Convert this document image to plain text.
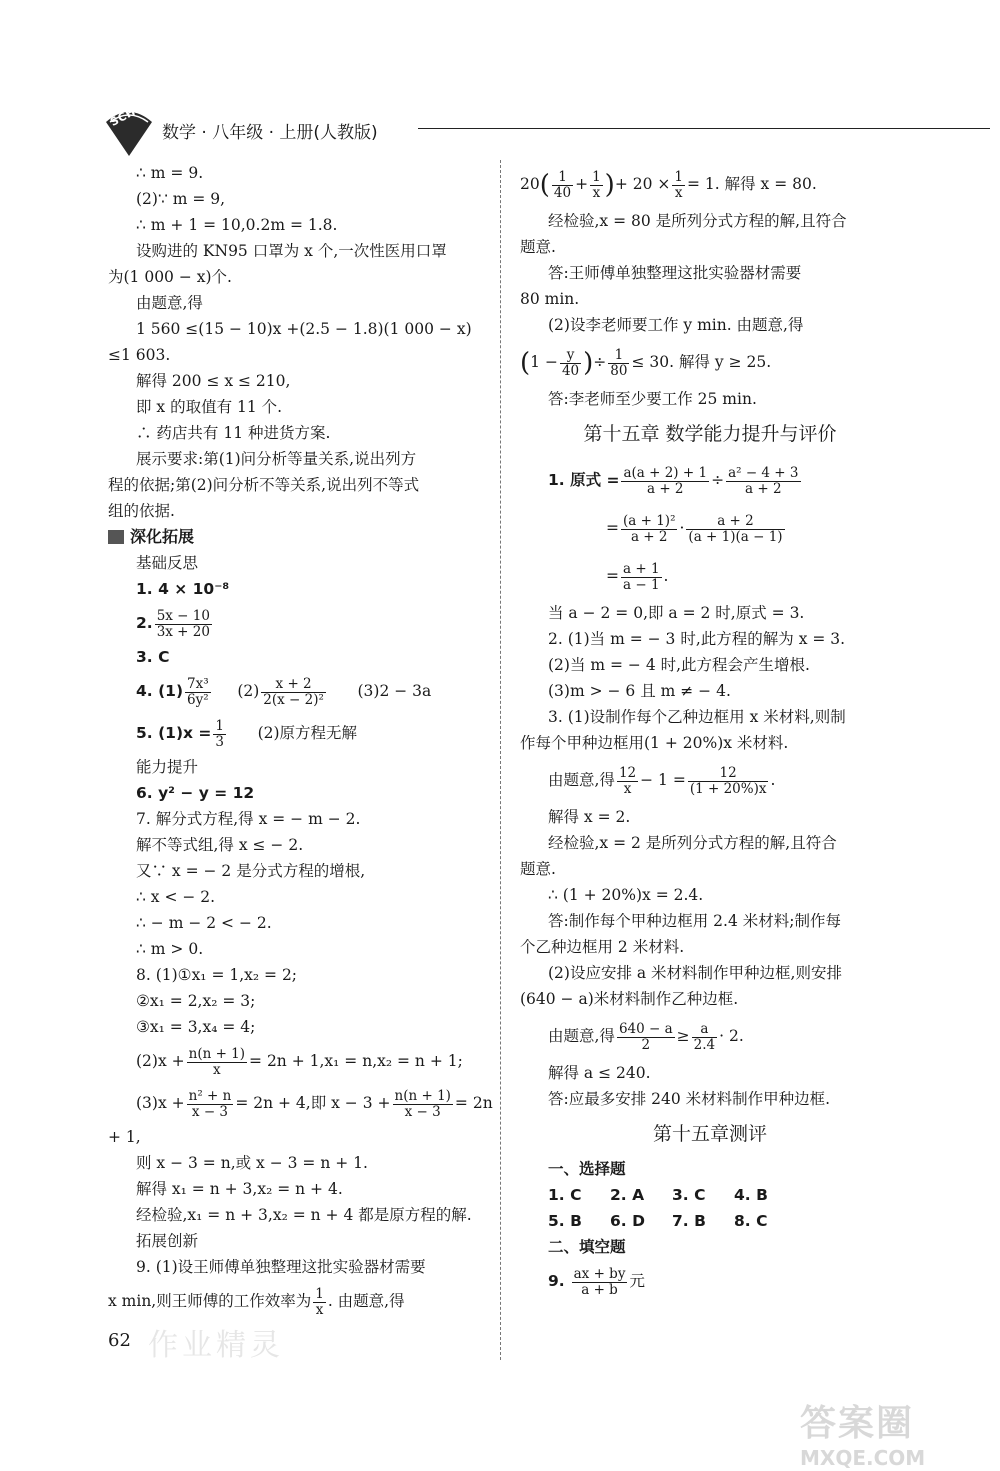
SCHOOL
数学 · 八年级 · 上册(人教版)
∴ m = 9.
(2)∵ m = 9,
∴ m + 1 = 10,0.2m = 1.8.
设购进的 KN95 口罩为 x 个,一次性医用口罩
为(1 000 − x)个.
由题意,得
1 560 ≤(15 − 10)x +(2.5 − 1.8)(1 000 − x)
≤1 603.
解得 200 ≤ x ≤ 210,
即 x 的取值有 11 个.
∴ 药店共有 11 种进货方案.
展示要求:第(1)问分析等量关系,说出列方
程的依据;第(2)问分析不等关系,说出列不等式
组的依据.
深化拓展
基础反思
1. 4 × 10⁻⁸
2. $\frac{5x - 10}{3x + 20}$
3. C
4. $(1) \frac{\text{7x³}}{\text{6y²}} (2) \frac{x + 2}{\text{2(x − 2)²}} (3)2 - 3a$
5. $(1)x = \frac{1}{3} (2)$原方程无解
能力提升
6. y² − y = 12
7. 解分式方程,得 x = − m − 2.
解不等式组,得 x ≤ − 2.
又∵ x = − 2 是分式方程的增根,
∴ x < − 2.
∴ − m − 2 < − 2.
∴ m > 0.
8. (1)①x₁ = 1,x₂ = 2;
②x₁ = 2,x₂ = 3;
③x₁ = 3,x₄ = 4;
$(2)x + \frac{n(n + 1)}{x} = 2n + 1,x_1 = n,x_2 = n + 1$;
$(3)x + \frac{\text{n² + n}}{x - 3} = 2n + 4$,即 $x - 3 + \frac{n(n + 1)}{x - 3} = 2n$
+ 1,
则 x − 3 = n,或 x − 3 = n + 1.
解得 x₁ = n + 3,x₂ = n + 4.
经检验,x₁ = n + 3,x₂ = n + 4 都是原方程的解.
拓展创新
9. (1)设王师傅单独整理这批实验器材需要
x min,则王师傅的工作效率为 $\frac{1}{x}$ . 由题意,得
$20( \frac{1}{40} + \frac{1}{x}$ )+ $20 \times \frac{1}{x} = 1$. 解得 x = 80.
经检验,x = 80 是所列分式方程的解,且符合
题意.
答:王师傅单独整理这批实验器材需要
80 min.
(2)设李老师要工作 y min. 由题意,得
($1 - \frac{y}{40}$ )÷ $\frac{1}{80} \le 30$. 解得 y ≥ 25.
答:李老师至少要工作 25 min.
第十五章 数学能力提升与评价
1. 原式 = $\frac{a(a + 2) + 1}{a + 2} \div \frac{\text{a² − 4 + 3}}{a + 2}$
= $\frac{\text{(a + 1)²}}{a + 2} \cdot \frac{a + 2}{(a + 1)(a - 1)}$
= $\frac{a + 1}{a - 1}$ .
当 a − 2 = 0,即 a = 2 时,原式 = 3.
2. (1)当 m = − 3 时,此方程的解为 x = 3.
(2)当 m = − 4 时,此方程会产生增根.
(3)m > − 6 且 m ≠ − 4.
3. (1)设制作每个乙种边框用 x 米材料,则制
作每个甲种边框用(1 + 20%)x 米材料.
由题意,得 $\frac{12}{x} - 1 = \frac{12}{(1 + 20\%)x}$ .
解得 x = 2.
经检验,x = 2 是所列分式方程的解,且符合
题意.
∴ (1 + 20%)x = 2.4.
答:制作每个甲种边框用 2.4 米材料;制作每
个乙种边框用 2 米材料.
(2)设应安排 a 米材料制作甲种边框,则安排
(640 − a)米材料制作乙种边框.
由题意,得 $\frac{640 - a}{2} \ge \frac{a}{2.4} \cdot 2$.
解得 a ≤ 240.
答:应最多安排 240 米材料制作甲种边框.
第十五章测评
一、选择题
1. C 2. A 3. C 4. B
5. B 6. D 7. B 8. C
二、填空题
9. $\frac{ax + by}{a + b}$ 元
62 作业精灵
答案圈
MXQE.COM
